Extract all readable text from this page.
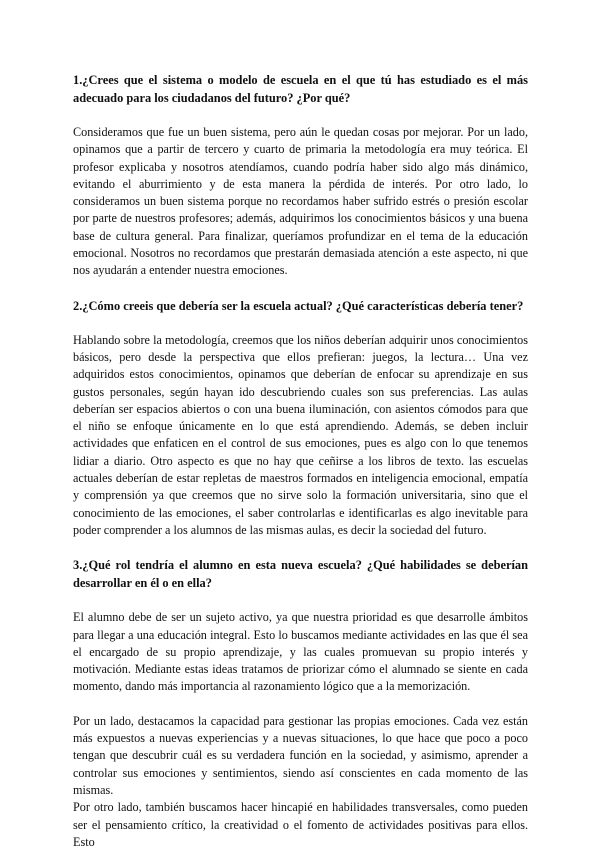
1.¿Crees que el sistema o modelo de escuela en el que tú has estudiado es el más adecuado para los ciudadanos del futuro? ¿Por qué?

Consideramos que fue un buen sistema, pero aún le quedan cosas por mejorar. Por un lado, opinamos que a partir de tercero y cuarto de primaria la metodología era muy teórica. El profesor explicaba y nosotros atendíamos, cuando podría haber sido algo más dinámico, evitando el aburrimiento y de esta manera la pérdida de interés. Por otro lado, lo consideramos un buen sistema porque no recordamos haber sufrido estrés o presión escolar por parte de nuestros profesores; además, adquirimos los conocimientos básicos y una buena base de cultura general. Para finalizar, queríamos profundizar en el tema de la educación emocional. Nosotros no recordamos que prestarán demasiada atención a este aspecto, ni que nos ayudarán a entender nuestra emociones.

2.¿Cómo creeis que debería ser la escuela actual? ¿Qué características debería tener?

Hablando sobre la metodología, creemos que los niños deberían adquirir unos conocimientos básicos, pero desde la perspectiva que ellos prefieran: juegos, la lectura… Una vez adquiridos estos conocimientos, opinamos que deberían de enfocar su aprendizaje en sus gustos personales, según hayan ido descubriendo cuales son sus preferencias. Las aulas deberían ser espacios abiertos o con una buena iluminación, con asientos cómodos para que el niño se enfoque únicamente en lo que está aprendiendo. Además, se deben incluir actividades que enfaticen en el control de sus emociones, pues es algo con lo que tenemos lidiar a diario. Otro aspecto es que no hay que ceñirse a los libros de texto. las escuelas actuales deberían de estar repletas de maestros formados en inteligencia emocional, empatía y comprensión ya que creemos que no sirve solo la formación universitaria, sino que el conocimiento de las emociones, el saber controlarlas e identificarlas es algo inevitable para poder comprender a los alumnos de las mismas aulas, es decir la sociedad del futuro.

3.¿Qué rol tendría el alumno en esta nueva escuela? ¿Qué habilidades se deberían desarrollar en él o en ella?

El alumno debe de ser un sujeto activo, ya que nuestra prioridad es que desarrolle ámbitos para llegar a una educación integral. Esto lo buscamos mediante actividades en las que él sea el encargado de su propio aprendizaje, y las cuales promuevan su propio interés y motivación. Mediante estas ideas tratamos de priorizar cómo el alumnado se siente en cada momento, dando más importancia al razonamiento lógico que a la memorización.

Por un lado, destacamos la capacidad para gestionar las propias emociones. Cada vez están más expuestos a nuevas experiencias y a nuevas situaciones, lo que hace que poco a poco tengan que descubrir cuál es su verdadera función en la sociedad, y asimismo, aprender a controlar sus emociones y sentimientos, siendo así conscientes en cada momento de las mismas.

Por otro lado, también buscamos hacer hincapié en habilidades transversales, como pueden ser el pensamiento crítico, la creatividad o el fomento de actividades positivas para ellos. Esto
